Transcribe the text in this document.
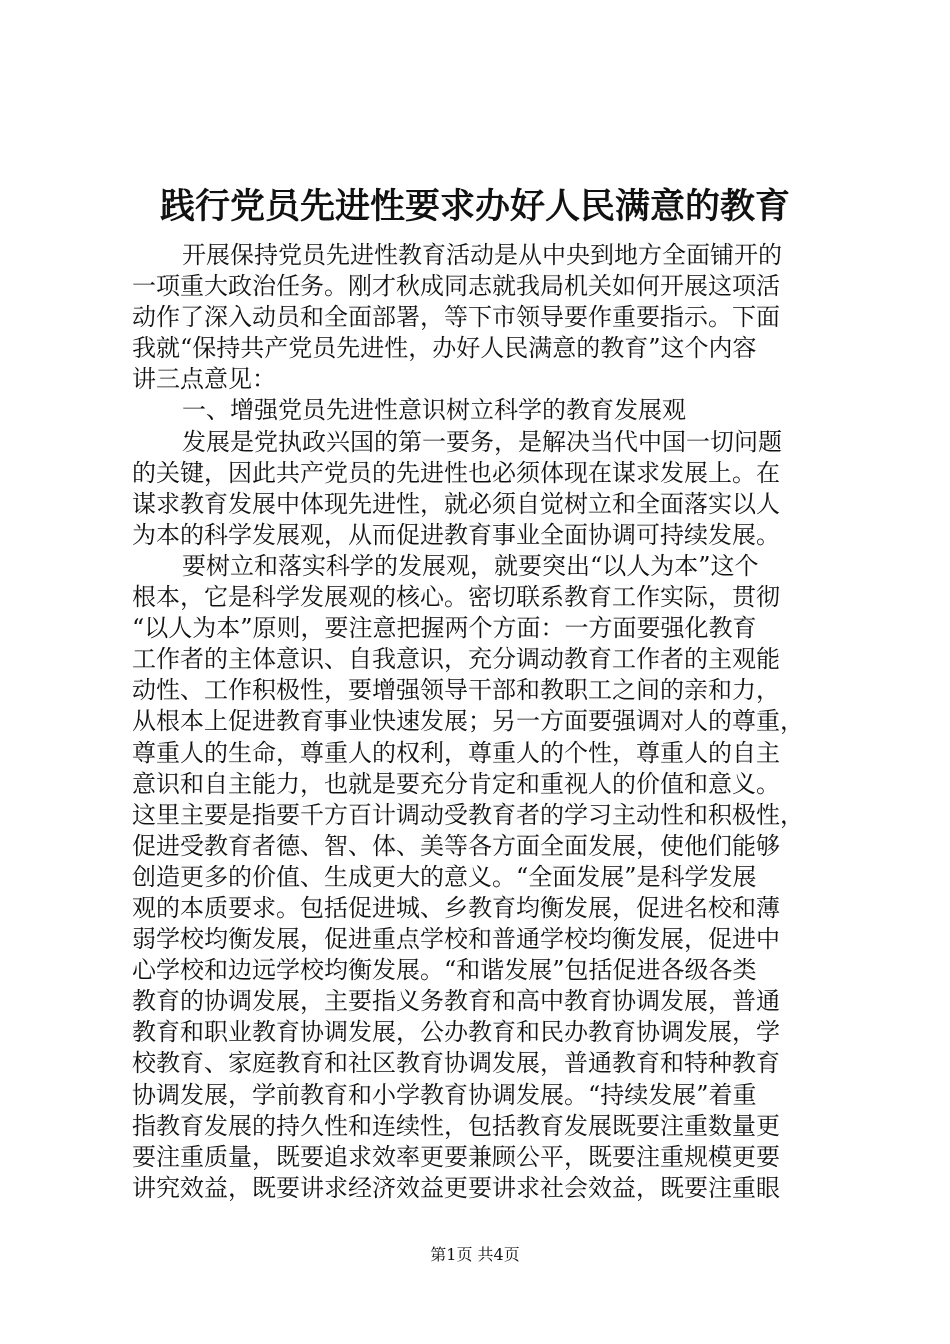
践行党员先进性要求办好人民满意的教育
开展保持党员先进性教育活动是从中央到地方全面铺开的
一项重大政治任务。刚才秋成同志就我局机关如何开展这项活
动作了深入动员和全面部署，等下市领导要作重要指示。下面
我就“保持共产党员先进性，办好人民满意的教育”这个内容
讲三点意见：
一、增强党员先进性意识树立科学的教育发展观
发展是党执政兴国的第一要务，是解决当代中国一切问题
的关键，因此共产党员的先进性也必须体现在谋求发展上。在
谋求教育发展中体现先进性，就必须自觉树立和全面落实以人
为本的科学发展观，从而促进教育事业全面协调可持续发展。
要树立和落实科学的发展观，就要突出“以人为本”这个
根本，它是科学发展观的核心。密切联系教育工作实际，贯彻
“以人为本”原则，要注意把握两个方面：一方面要强化教育
工作者的主体意识、自我意识，充分调动教育工作者的主观能
动性、工作积极性，要增强领导干部和教职工之间的亲和力，
从根本上促进教育事业快速发展；另一方面要强调对人的尊重，
尊重人的生命，尊重人的权利，尊重人的个性，尊重人的自主
意识和自主能力，也就是要充分肯定和重视人的价值和意义。
这里主要是指要千方百计调动受教育者的学习主动性和积极性，
促进受教育者德、智、体、美等各方面全面发展，使他们能够
创造更多的价值、生成更大的意义。“全面发展”是科学发展
观的本质要求。包括促进城、乡教育均衡发展，促进名校和薄
弱学校均衡发展，促进重点学校和普通学校均衡发展，促进中
心学校和边远学校均衡发展。“和谐发展”包括促进各级各类
教育的协调发展，主要指义务教育和高中教育协调发展，普通
教育和职业教育协调发展，公办教育和民办教育协调发展，学
校教育、家庭教育和社区教育协调发展，普通教育和特种教育
协调发展，学前教育和小学教育协调发展。“持续发展”着重
指教育发展的持久性和连续性，包括教育发展既要注重数量更
要注重质量，既要追求效率更要兼顾公平，既要注重规模更要
讲究效益，既要讲求经济效益更要讲求社会效益，既要注重眼
第1页 共4页
